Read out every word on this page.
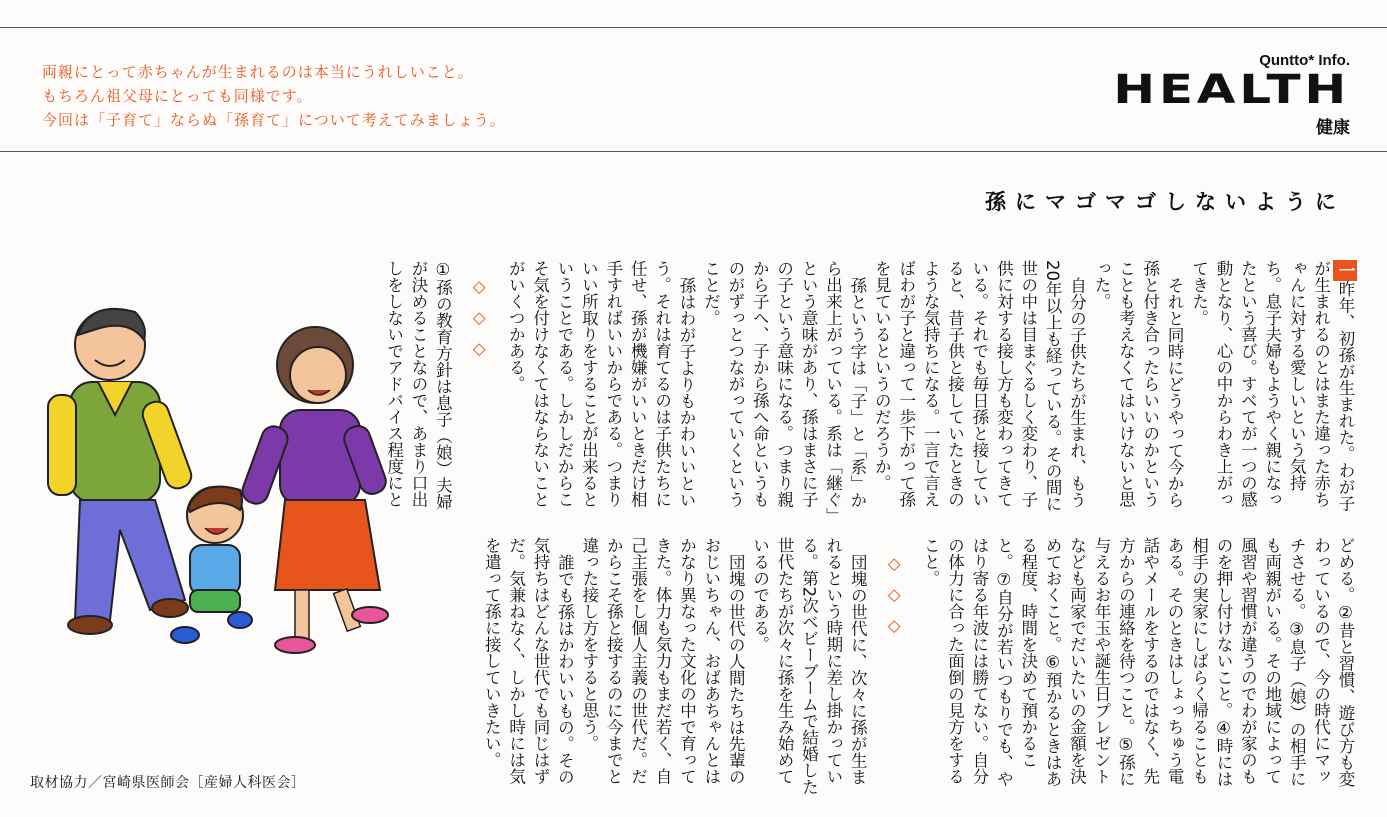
両親にとって赤ちゃんが生まれるのは本当にうれしいこと。

もちろん祖父母にとっても同様です。

今回は「子育て」ならぬ「孫育て」について考えてみましょう。

Quntto* Info.
HEALTH
健康
孫にマゴマゴしないように

一昨年、初孫が生まれた。わが子が生まれるのとはまた違った赤ちゃんに対する愛しいという気持ち。息子夫婦もようやく親になったという喜び。すべてが一つの感動となり、心の中からわき上がってきた。

それと同時にどうやって今から孫と付き合ったらいいのかということも考えなくてはいけないと思った。

自分の子供たちが生まれ、もう20年以上も経っている。その間に世の中は目まぐるしく変わり、子供に対する接し方も変わってきている。それでも毎日孫と接していると、昔子供と接していたときのような気持ちになる。一言で言えばわが子と違って一歩下がって孫を見ているというのだろうか。

孫という字は「子」と「系」から出来上がっている。系は「継ぐ」という意味があり、孫はまさに子の子という意味になる。つまり親から子へ、子から孫へ命というものがずっとつながっていくということだ。

孫はわが子よりもかわいいという。それは育てるのは子供たちに任せ、孫が機嫌がいいときだけ相手すればいいからである。つまりいい所取りをすることが出来るということである。しかしだからこそ気を付けなくてはならないことがいくつかある。

◇◇◇

①孫の教育方針は息子（娘）夫婦が決めることなので、あまり口出しをしないでアドバイス程度にとどめる。②昔と習慣、遊び方も変わっているので、今の時代にマッチさせる。③息子（娘）の相手にも両親がいる。その地域によって風習や習慣が違うのでわが家のものを押し付けないこと。④時には相手の実家にしばらく帰ることもある。そのときはしょっちゅう電話やメールをするのではなく、先方からの連絡を待つこと。⑤孫に与えるお年玉や誕生日プレゼントなども両家でだいたいの金額を決めておくこと。⑥預かるときはある程度、時間を決めて預かること。⑦自分が若いつもりでも、やはり寄る年波には勝てない。自分の体力に合った面倒の見方をすること。

◇◇◇

団塊の世代に、次々に孫が生まれるという時期に差し掛かっている。第2次ベビーブームで結婚した世代たちが次々に孫を生み始めているのである。

団塊の世代の人間たちは先輩のおじいちゃん、おばあちゃんとはかなり異なった文化の中で育ってきた。体力も気力もまだ若く、自己主張をし個人主義の世代だ。だからこそ孫と接するのに今までと違った接し方をすると思う。

誰でも孫はかわいいもの。その気持ちはどんな世代でも同じはずだ。気兼ねなく、しかし時には気を遣って孫に接していきたい。

取材協力／宮崎県医師会［産婦人科医会］
